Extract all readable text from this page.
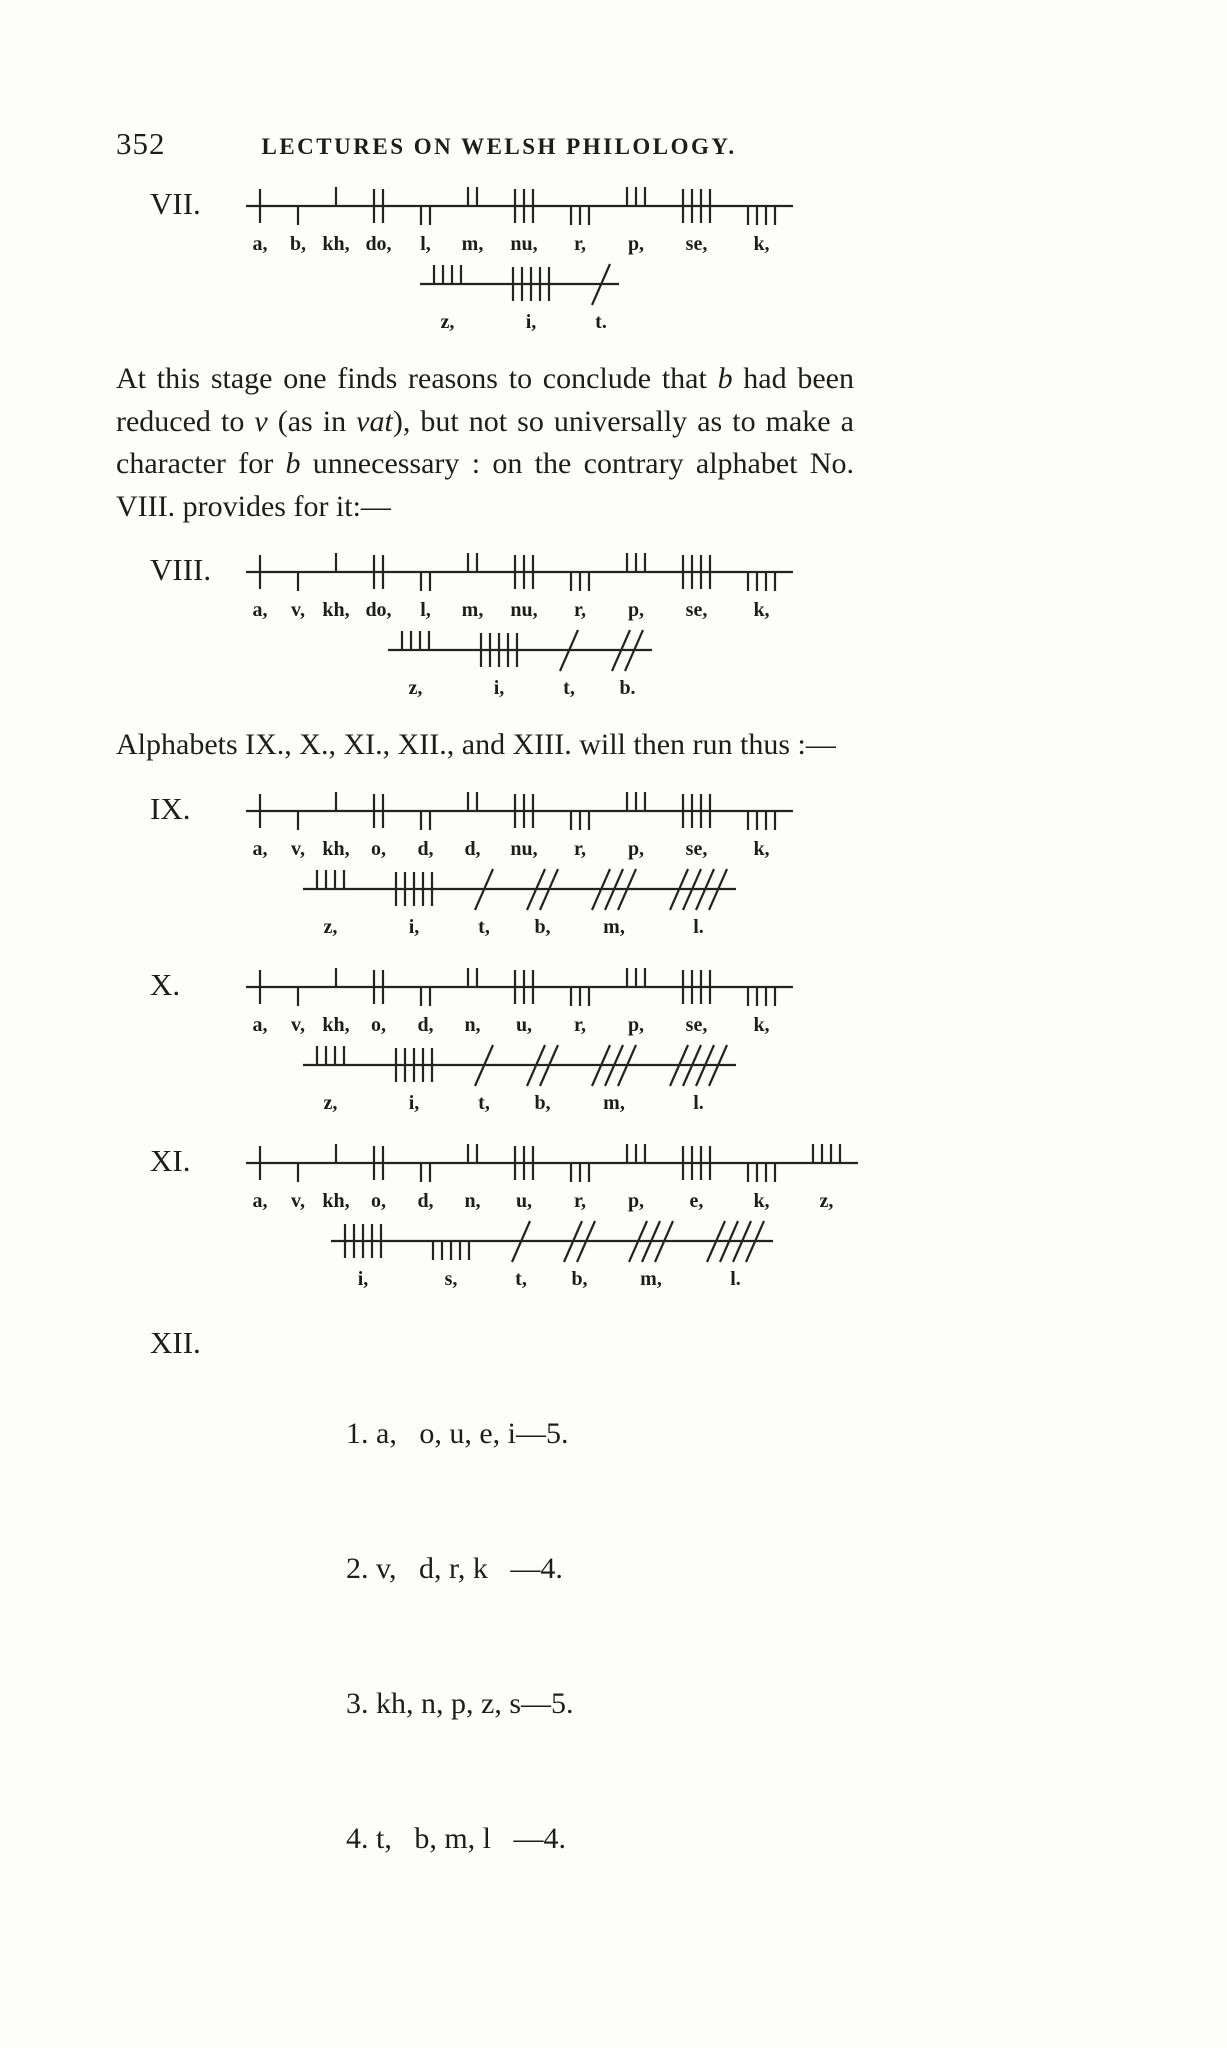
352	LECTURES ON WELSH PHILOLOGY.
VII.
a, b, kh, do, l, m, nu, r, p, se, k,
z,	i,	t.

At this stage one finds reasons to conclude that b had been reduced to v (as in vat), but not so universally as to make a character for b unnecessary : on the contrary alphabet No. VIII. provides for it:—

VIII.
a, v, kh, do, l, m, nu, r, p, se, k,
z,	i,	t, b.

Alphabets IX., X., XI., XII., and XIII. will then run thus :—

IX.
a, v, kh, o, d, d, nu, r, p, se, k,
z,	i,	t, b,	m,	l.
X.
a, v, kh, o, d, n, u, r, p, se, k,
z,	i,	t, b,	m,	l.
XI.
a, v, kh, o, d, n, u, r, p, e, k, z,
i,	s,	t, b,	m,	l.
XII.

1. a,   o, u, e, i—5.

2. v,   d, r, k   —4.

3. kh, n, p, z, s—5.

4. t,   b, m, l   —4.
